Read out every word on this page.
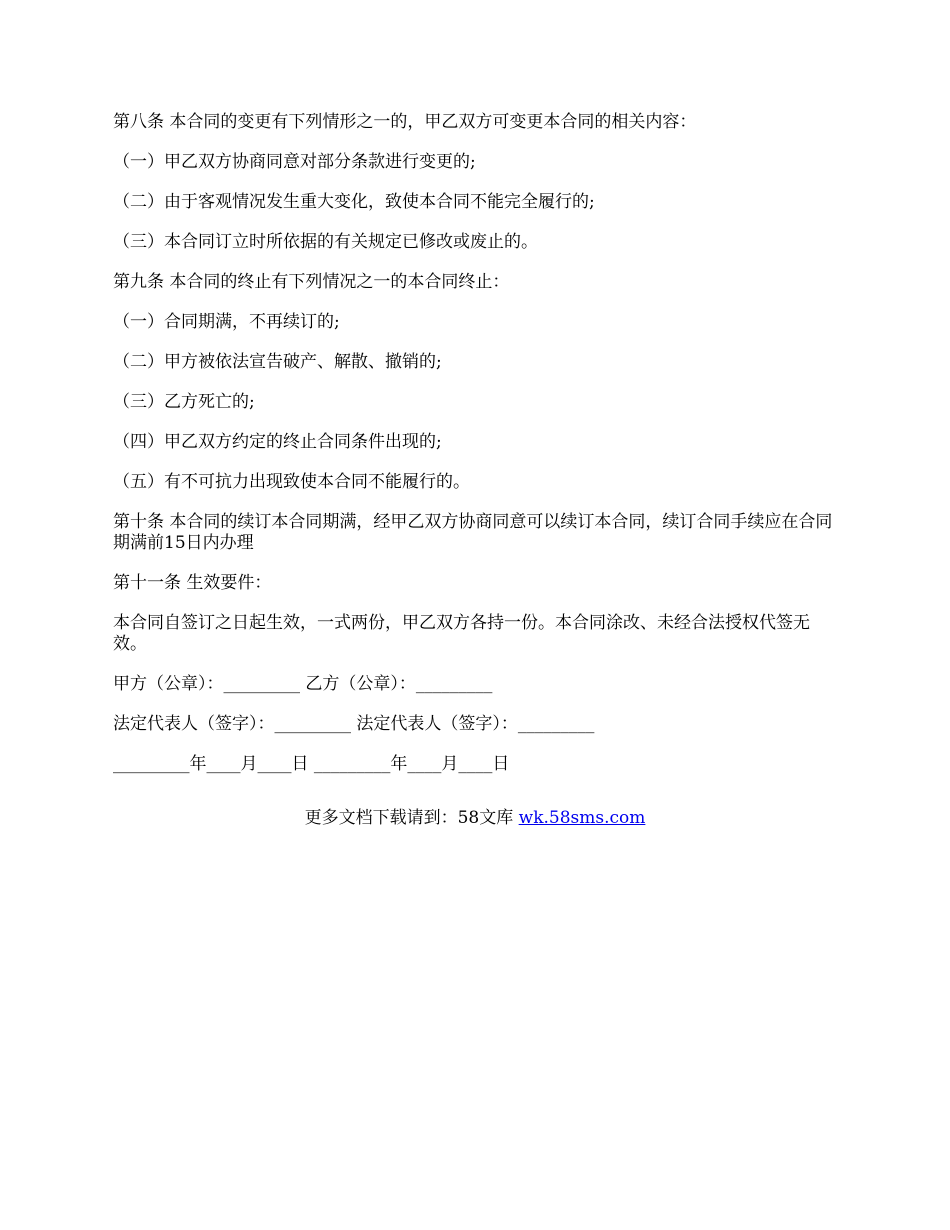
第八条 本合同的变更有下列情形之一的，甲乙双方可变更本合同的相关内容：

（一）甲乙双方协商同意对部分条款进行变更的;

（二）由于客观情况发生重大变化，致使本合同不能完全履行的;

（三）本合同订立时所依据的有关规定已修改或废止的。

第九条 本合同的终止有下列情况之一的本合同终止：

（一）合同期满，不再续订的;

（二）甲方被依法宣告破产、解散、撤销的;

（三）乙方死亡的;

（四）甲乙双方约定的终止合同条件出现的;

（五）有不可抗力出现致使本合同不能履行的。

第十条 本合同的续订本合同期满，经甲乙双方协商同意可以续订本合同，续订合同手续应在合同期满前15日内办理

第十一条 生效要件：

本合同自签订之日起生效，一式两份，甲乙双方各持一份。本合同涂改、未经合法授权代签无效。

甲方（公章）：_________ 乙方（公章）：_________

法定代表人（签字）：_________ 法定代表人（签字）：_________

_________年____月____日 _________年____月____日

更多文档下载请到：58文库 wk.58sms.com
